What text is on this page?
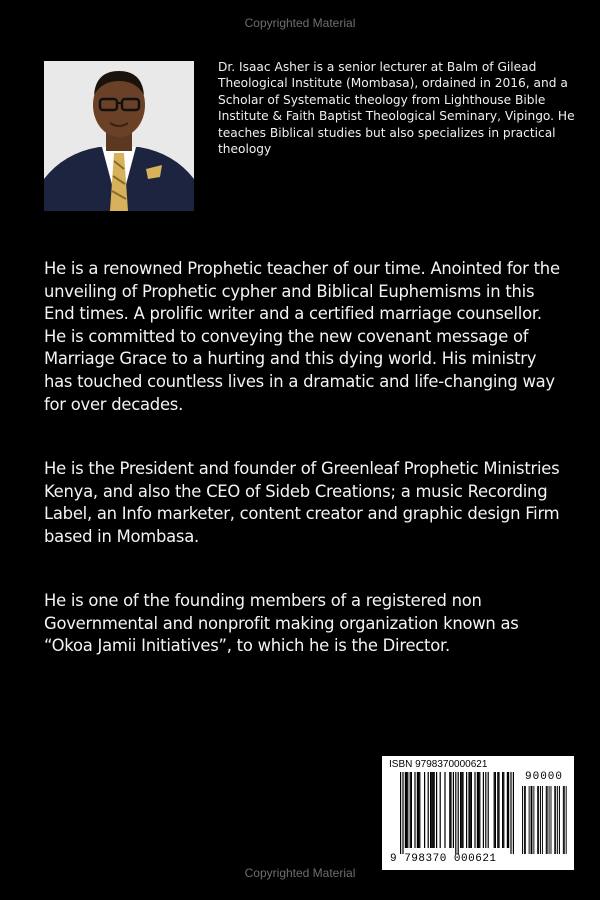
Copyrighted Material
Dr. Isaac Asher is a senior lecturer at Balm of Gilead Theological Institute (Mombasa), ordained in 2016, and a Scholar of Systematic theology from Lighthouse Bible Institute & Faith Baptist Theological Seminary, Vipingo. He teaches Biblical studies but also specializes in practical theology

He is a renowned Prophetic teacher of our time. Anointed for the unveiling of Prophetic cypher and Biblical Euphemisms in this End times. A prolific writer and a certified marriage counsellor. He is committed to conveying the new covenant message of Marriage Grace to a hurting and this dying world. His ministry has touched countless lives in a dramatic and life-changing way for over decades.

He is the President and founder of Greenleaf Prophetic Ministries Kenya, and also the CEO of Sideb Creations; a music Recording Label, an Info marketer, content creator and graphic design Firm based in Mombasa.

He is one of the founding members of a registered non Governmental and nonprofit making organization known as “Okoa Jamii Initiatives”, to which he is the Director.

ISBN 9798370000621
90000
9 798370 000621
Copyrighted Material
